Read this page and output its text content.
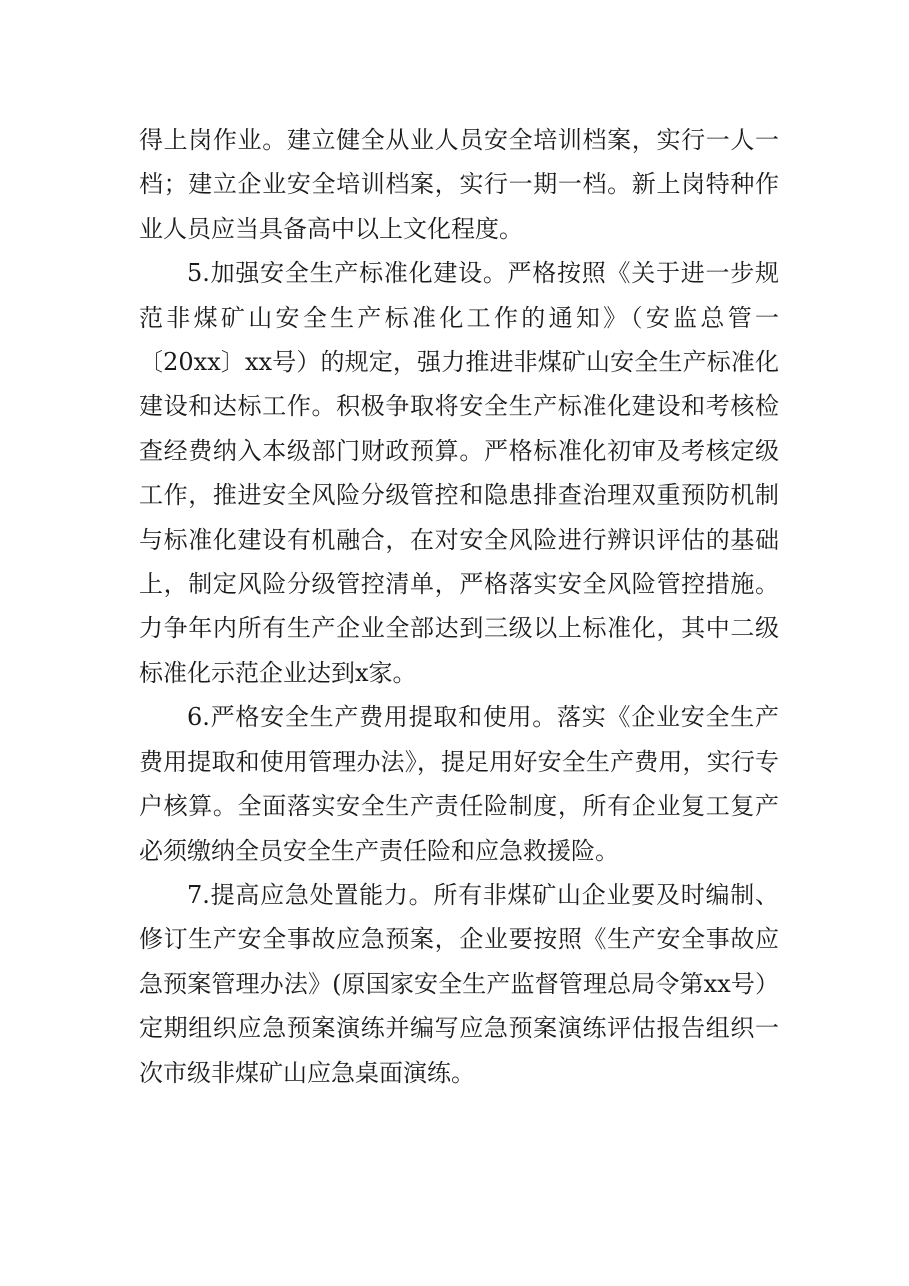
得上岗作业。建立健全从业人员安全培训档案，实行一人一档；建立企业安全培训档案，实行一期一档。新上岗特种作业人员应当具备高中以上文化程度。

5.加强安全生产标准化建设。严格按照《关于进一步规范非煤矿山安全生产标准化工作的通知》（安监总管一〔20xx〕xx号）的规定，强力推进非煤矿山安全生产标准化建设和达标工作。积极争取将安全生产标准化建设和考核检查经费纳入本级部门财政预算。严格标准化初审及考核定级工作，推进安全风险分级管控和隐患排查治理双重预防机制与标准化建设有机融合，在对安全风险进行辨识评估的基础上，制定风险分级管控清单，严格落实安全风险管控措施。力争年内所有生产企业全部达到三级以上标准化，其中二级标准化示范企业达到x家。

6.严格安全生产费用提取和使用。落实《企业安全生产费用提取和使用管理办法》，提足用好安全生产费用，实行专户核算。全面落实安全生产责任险制度，所有企业复工复产必须缴纳全员安全生产责任险和应急救援险。

7.提高应急处置能力。所有非煤矿山企业要及时编制、修订生产安全事故应急预案，企业要按照《生产安全事故应急预案管理办法》(原国家安全生产监督管理总局令第xx号）定期组织应急预案演练并编写应急预案演练评估报告组织一次市级非煤矿山应急桌面演练。
